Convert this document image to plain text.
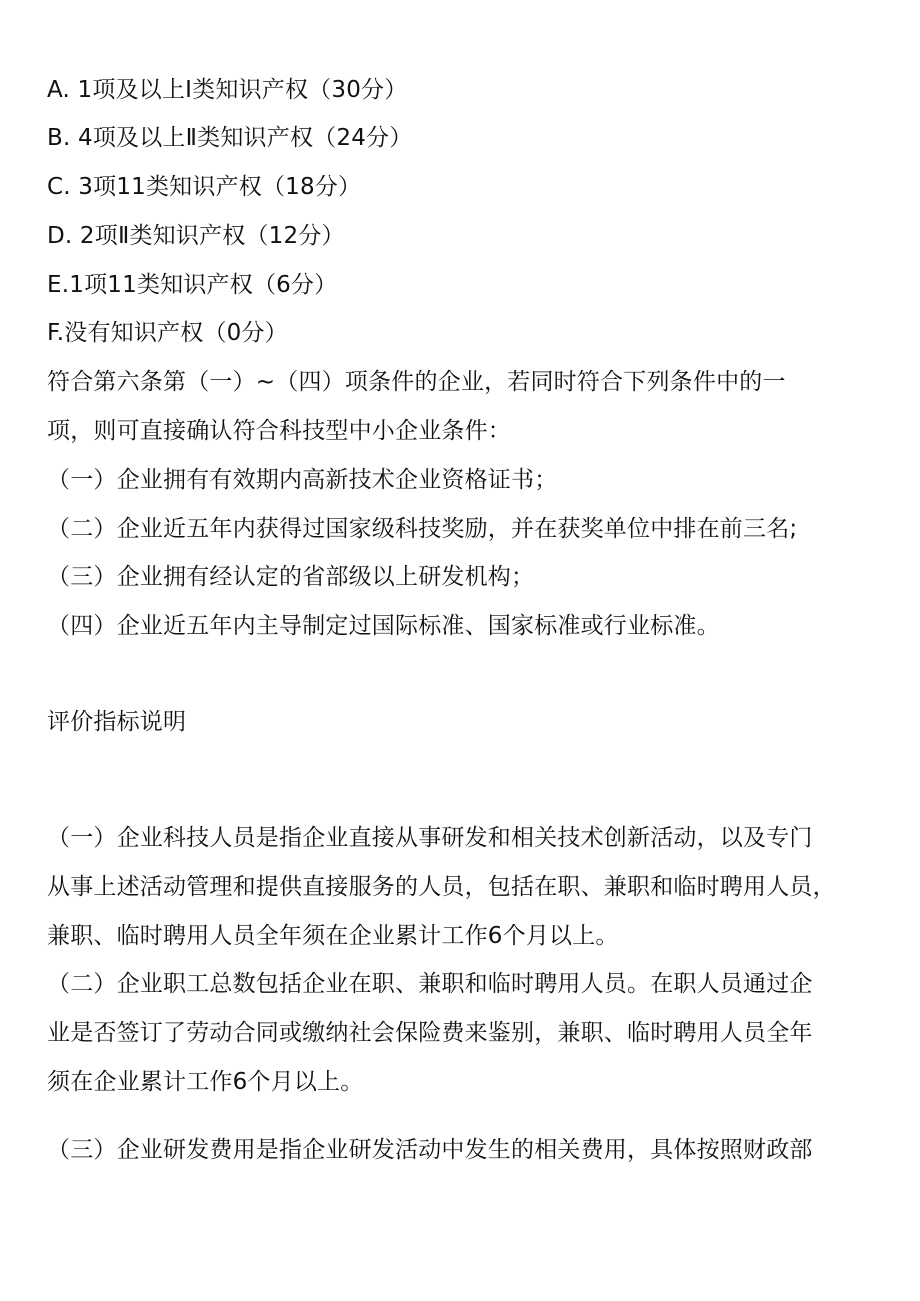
A. 1项及以上Ⅰ类知识产权（30分）
B. 4项及以上Ⅱ类知识产权（24分）
C. 3项11类知识产权（18分）
D. 2项Ⅱ类知识产权（12分）
E.1项11类知识产权（6分）
F.没有知识产权（0分）
符合第六条第（一）~（四）项条件的企业，若同时符合下列条件中的一
项，则可直接确认符合科技型中小企业条件：
（一）企业拥有有效期内高新技术企业资格证书；
（二）企业近五年内获得过国家级科技奖励，并在获奖单位中排在前三名;
（三）企业拥有经认定的省部级以上研发机构；
（四）企业近五年内主导制定过国际标准、国家标准或行业标准。
评价指标说明
（一）企业科技人员是指企业直接从事研发和相关技术创新活动，以及专门
从事上述活动管理和提供直接服务的人员，包括在职、兼职和临时聘用人员，
兼职、临时聘用人员全年须在企业累计工作6个月以上。
（二）企业职工总数包括企业在职、兼职和临时聘用人员。在职人员通过企
业是否签订了劳动合同或缴纳社会保险费来鉴别，兼职、临时聘用人员全年
须在企业累计工作6个月以上。
（三）企业研发费用是指企业研发活动中发生的相关费用，具体按照财政部
